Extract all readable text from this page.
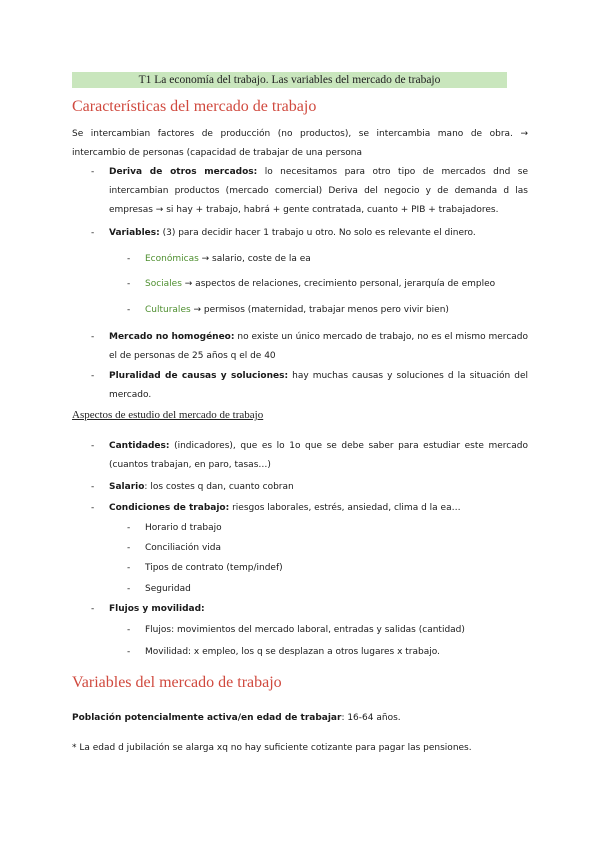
T1 La economía del trabajo. Las variables del mercado de trabajo
Características del mercado de trabajo
Se intercambian factores de producción (no productos), se intercambia mano de obra. → intercambio de personas (capacidad de trabajar de una persona
- Deriva de otros mercados: lo necesitamos para otro tipo de mercados dnd se intercambian productos (mercado comercial) Deriva del negocio y de demanda d las empresas → si hay + trabajo, habrá + gente contratada, cuanto + PIB + trabajadores.
- Variables: (3) para decidir hacer 1 trabajo u otro. No solo es relevante el dinero.
- Económicas → salario, coste de la ea
- Sociales → aspectos de relaciones, crecimiento personal, jerarquía de empleo
- Culturales → permisos (maternidad, trabajar menos pero vivir bien)
- Mercado no homogéneo: no existe un único mercado de trabajo, no es el mismo mercado el de personas de 25 años q el de 40
- Pluralidad de causas y soluciones: hay muchas causas y soluciones d la situación del mercado.
Aspectos de estudio del mercado de trabajo
- Cantidades: (indicadores), que es lo 1o que se debe saber para estudiar este mercado (cuantos trabajan, en paro, tasas…)
- Salario: los costes q dan, cuanto cobran
- Condiciones de trabajo: riesgos laborales, estrés, ansiedad, clima d la ea…
- Horario d trabajo
- Conciliación vida
- Tipos de contrato (temp/indef)
- Seguridad
- Flujos y movilidad:
- Flujos: movimientos del mercado laboral, entradas y salidas (cantidad)
- Movilidad: x empleo, los q se desplazan a otros lugares x trabajo.
Variables del mercado de trabajo
Población potencialmente activa/en edad de trabajar: 16-64 años.
* La edad d jubilación se alarga xq no hay suficiente cotizante para pagar las pensiones.
